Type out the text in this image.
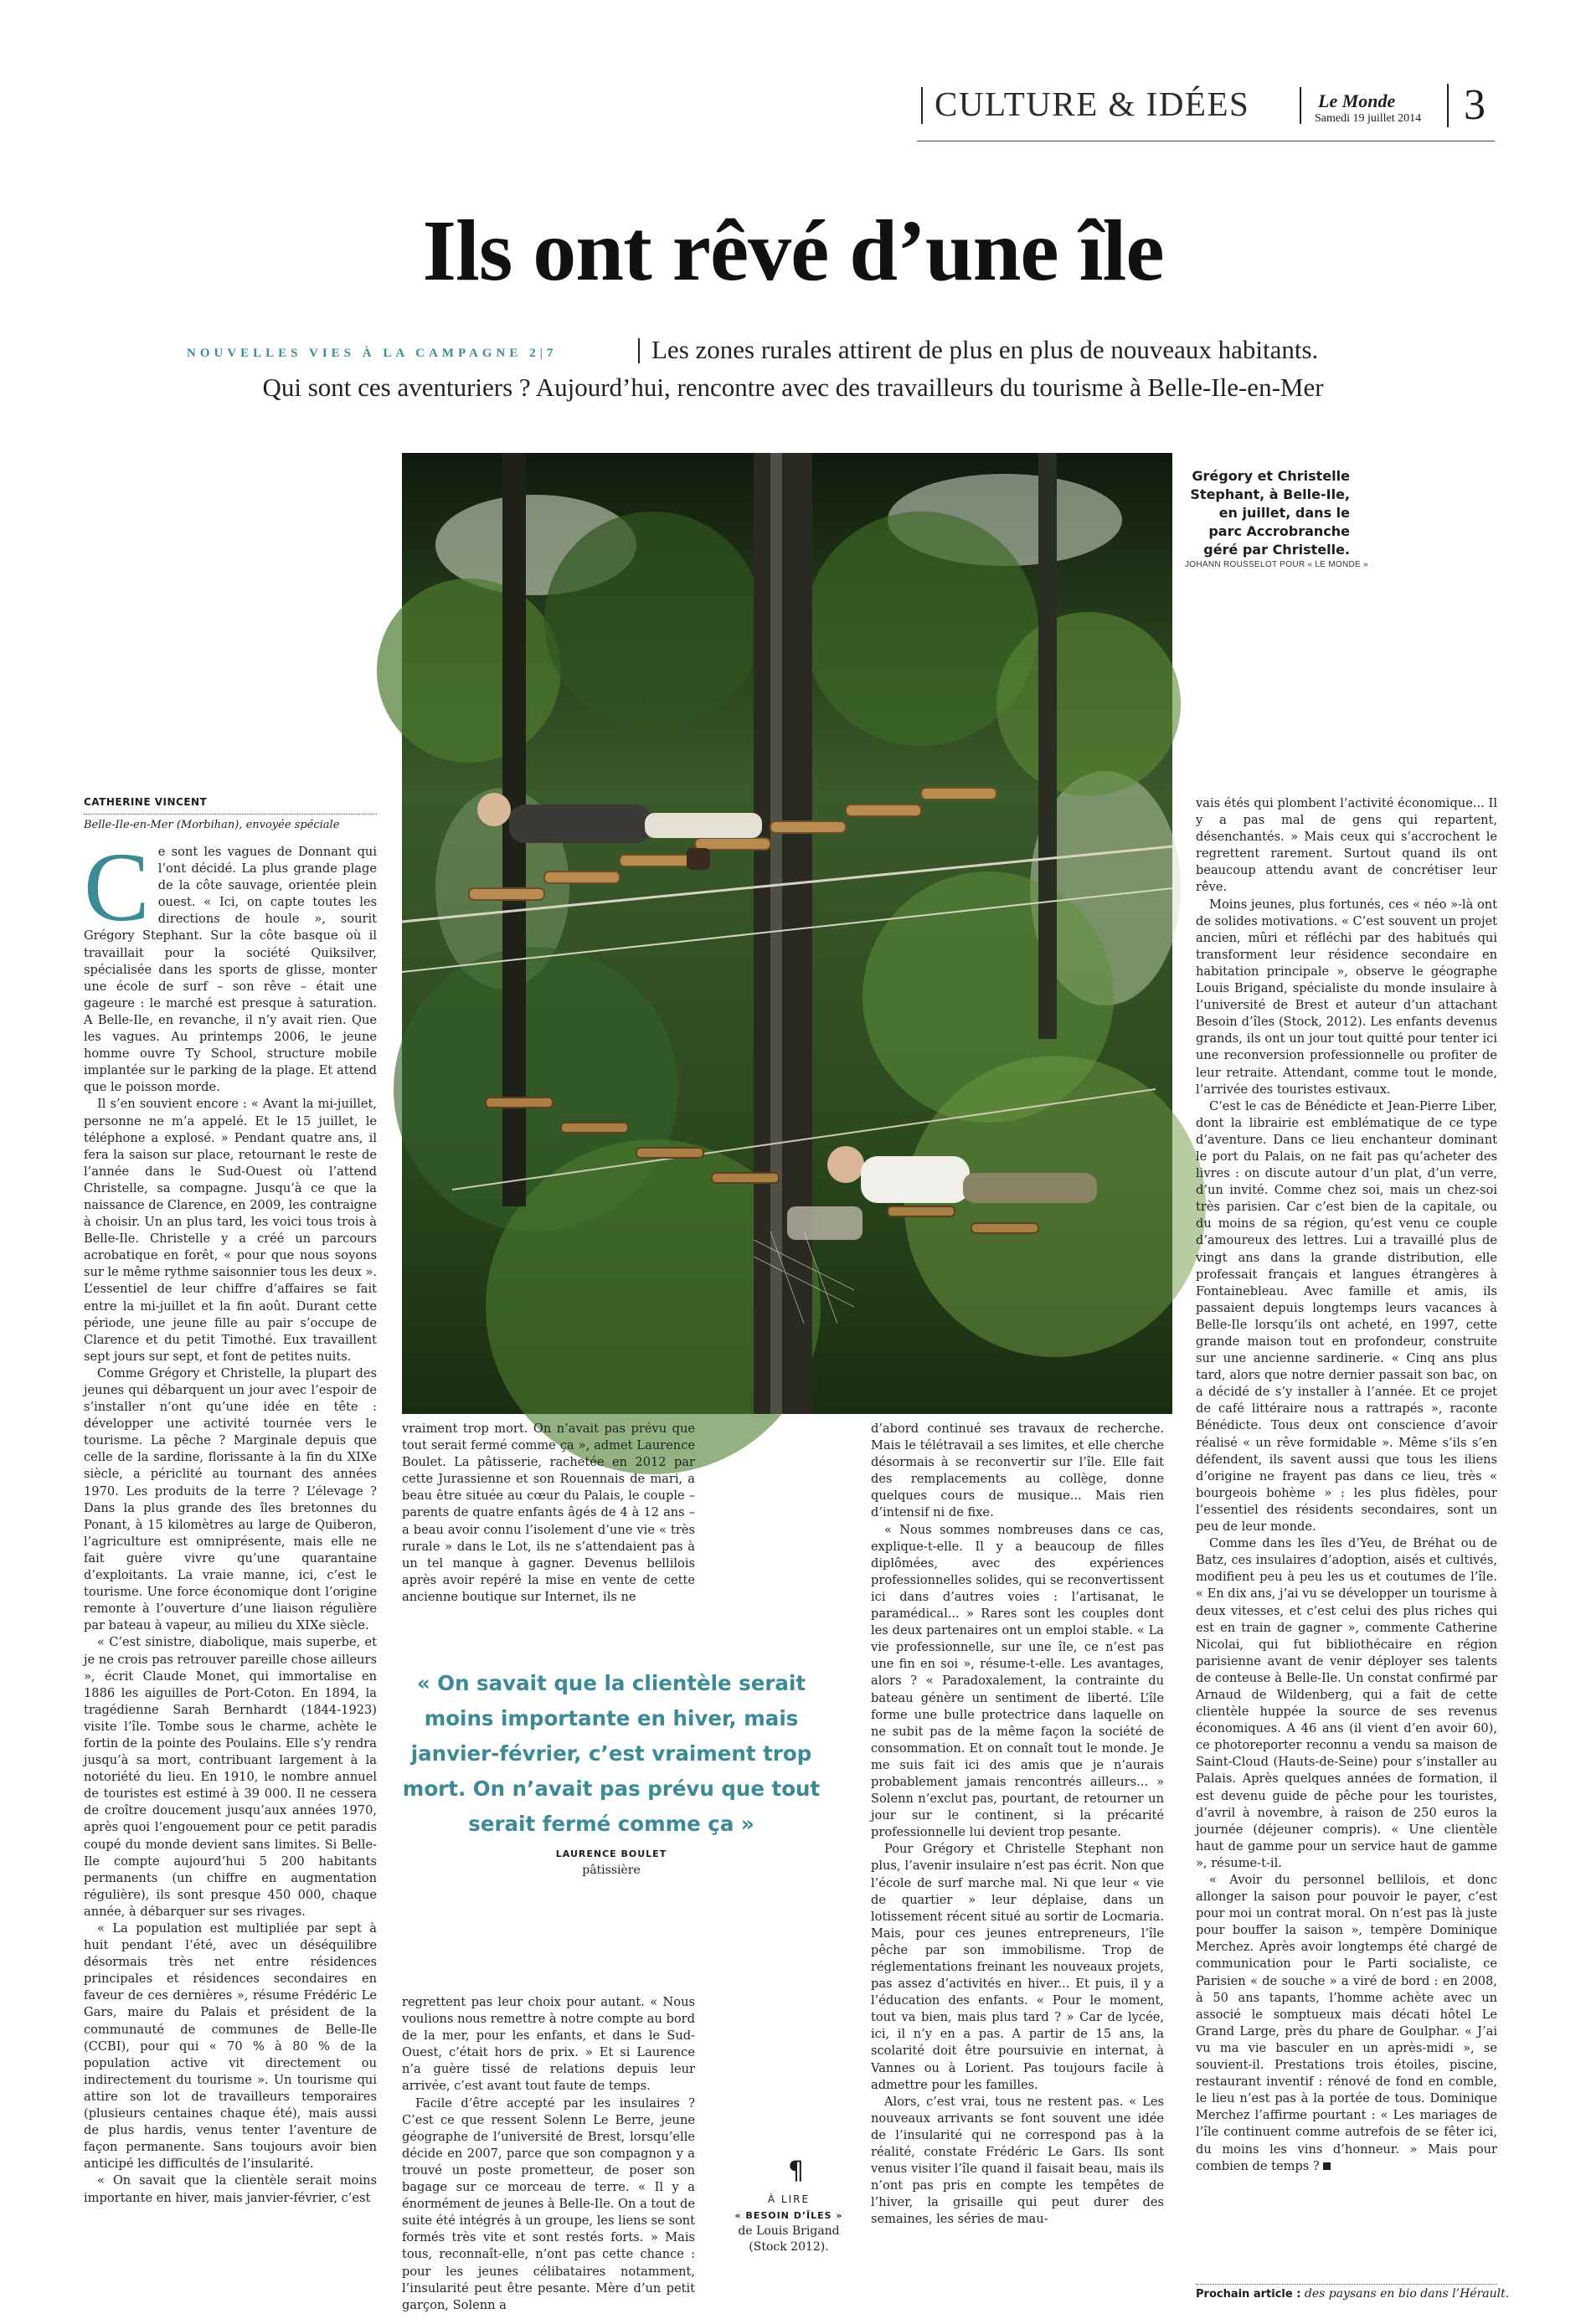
CULTURE & IDÉES	Le Monde
Samedi 19 juillet 2014 3
Ils ont rêvé d’une île
NOUVELLES VIES À LA CAMPAGNE 2|7	Les zones rurales attirent de plus en plus de nouveaux habitants.
Qui sont ces aventuriers ? Aujourd’hui, rencontre avec des travailleurs du tourisme à Belle-Ile-en-Mer
Grégory et Christelle Stephant, à Belle-Ile, en juillet, dans le parc Accrobranche géré par Christelle.
JOHANN ROUSSELOT POUR « LE MONDE »
CATHERINE VINCENT
Belle-Ile-en-Mer (Morbihan), envoyée spéciale

Ce sont les vagues de Donnant qui l’ont décidé. La plus grande plage de la côte sauvage, orientée plein ouest. « Ici, on capte toutes les directions de houle », sourit Grégory Stephant. Sur la côte basque où il travaillait pour la société Quiksilver, spécialisée dans les sports de glisse, monter une école de surf – son rêve – était une gageure : le marché est presque à saturation. A Belle-Ile, en revanche, il n’y avait rien. Que les vagues. Au printemps 2006, le jeune homme ouvre Ty School, structure mobile implantée sur le parking de la plage. Et attend que le poisson morde.

Il s’en souvient encore : « Avant la mi-juillet, personne ne m’a appelé. Et le 15 juillet, le téléphone a explosé. » Pendant quatre ans, il fera la saison sur place, retournant le reste de l’année dans le Sud-Ouest où l’attend Christelle, sa compagne. Jusqu’à ce que la naissance de Clarence, en 2009, les contraigne à choisir. Un an plus tard, les voici tous trois à Belle-Ile. Christelle y a créé un parcours acrobatique en forêt, « pour que nous soyons sur le même rythme saisonnier tous les deux ». L’essentiel de leur chiffre d’affaires se fait entre la mi-juillet et la fin août. Durant cette période, une jeune fille au pair s’occupe de Clarence et du petit Timothé. Eux travaillent sept jours sur sept, et font de petites nuits.

Comme Grégory et Christelle, la plupart des jeunes qui débarquent un jour avec l’espoir de s’installer n’ont qu’une idée en tête : développer une activité tournée vers le tourisme. La pêche ? Marginale depuis que celle de la sardine, florissante à la fin du XIXe siècle, a périclité au tournant des années 1970. Les produits de la terre ? L’élevage ? Dans la plus grande des îles bretonnes du Ponant, à 15 kilomètres au large de Quiberon, l’agriculture est omniprésente, mais elle ne fait guère vivre qu’une quarantaine d’exploitants. La vraie manne, ici, c’est le tourisme. Une force économique dont l’origine remonte à l’ouverture d’une liaison régulière par bateau à vapeur, au milieu du XIXe siècle.

« C’est sinistre, diabolique, mais superbe, et je ne crois pas retrouver pareille chose ailleurs », écrit Claude Monet, qui immortalise en 1886 les aiguilles de Port-Coton. En 1894, la tragédienne Sarah Bernhardt (1844-1923) visite l’île. Tombe sous le charme, achète le fortin de la pointe des Poulains. Elle s’y rendra jusqu’à sa mort, contribuant largement à la notoriété du lieu. En 1910, le nombre annuel de touristes est estimé à 39 000. Il ne cessera de croître doucement jusqu’aux années 1970, après quoi l’engouement pour ce petit paradis coupé du monde devient sans limites. Si Belle-Ile compte aujourd’hui 5 200 habitants permanents (un chiffre en augmentation régulière), ils sont presque 450 000, chaque année, à débarquer sur ses rivages.

« La population est multipliée par sept à huit pendant l’été, avec un déséquilibre désormais très net entre résidences principales et résidences secondaires en faveur de ces dernières », résume Frédéric Le Gars, maire du Palais et président de la communauté de communes de Belle-Ile (CCBI), pour qui « 70 % à 80 % de la population active vit directement ou indirectement du tourisme ». Un tourisme qui attire son lot de travailleurs temporaires (plusieurs centaines chaque été), mais aussi de plus hardis, venus tenter l’aventure de façon permanente. Sans toujours avoir bien anticipé les difficultés de l’insularité.

« On savait que la clientèle serait moins importante en hiver, mais janvier-février, c’est

vraiment trop mort. On n’avait pas prévu que tout serait fermé comme ça », admet Laurence Boulet. La pâtisserie, rachetée en 2012 par cette Jurassienne et son Rouennais de mari, a beau être située au cœur du Palais, le couple – parents de quatre enfants âgés de 4 à 12 ans – a beau avoir connu l’isolement d’une vie « très rurale » dans le Lot, ils ne s’attendaient pas à un tel manque à gagner. Devenus bellilois après avoir repéré la mise en vente de cette ancienne boutique sur Internet, ils ne

« On savait que la clientèle serait moins importante en hiver, mais janvier-février, c’est vraiment trop mort. On n’avait pas prévu que tout serait fermé comme ça »
LAURENCE BOULET
pâtissière

regrettent pas leur choix pour autant. « Nous voulions nous remettre à notre compte au bord de la mer, pour les enfants, et dans le Sud-Ouest, c’était hors de prix. » Et si Laurence n’a guère tissé de relations depuis leur arrivée, c’est avant tout faute de temps.

Facile d’être accepté par les insulaires ? C’est ce que ressent Solenn Le Berre, jeune géographe de l’université de Brest, lorsqu’elle décide en 2007, parce que son compagnon y a trouvé un poste prometteur, de poser son bagage sur ce morceau de terre. « Il y a énormément de jeunes à Belle-Ile. On a tout de suite été intégrés à un groupe, les liens se sont formés très vite et sont restés forts. » Mais tous, reconnaît-elle, n’ont pas cette chance : pour les jeunes célibataires notamment, l’insularité peut être pesante. Mère d’un petit garçon, Solenn a

¶
À LIRE
« BESOIN D’ÎLES »
de Louis Brigand
(Stock 2012).

d’abord continué ses travaux de recherche. Mais le télétravail a ses limites, et elle cherche désormais à se reconvertir sur l’île. Elle fait des remplacements au collège, donne quelques cours de musique... Mais rien d’intensif ni de fixe.

« Nous sommes nombreuses dans ce cas, explique-t-elle. Il y a beaucoup de filles diplômées, avec des expériences professionnelles solides, qui se reconvertissent ici dans d’autres voies : l’artisanat, le paramédical... » Rares sont les couples dont les deux partenaires ont un emploi stable. « La vie professionnelle, sur une île, ce n’est pas une fin en soi », résume-t-elle. Les avantages, alors ? « Paradoxalement, la contrainte du bateau génère un sentiment de liberté. L’île forme une bulle protectrice dans laquelle on ne subit pas de la même façon la société de consommation. Et on connaît tout le monde. Je me suis fait ici des amis que je n’aurais probablement jamais rencontrés ailleurs... » Solenn n’exclut pas, pourtant, de retourner un jour sur le continent, si la précarité professionnelle lui devient trop pesante.

Pour Grégory et Christelle Stephant non plus, l’avenir insulaire n’est pas écrit. Non que l’école de surf marche mal. Ni que leur « vie de quartier » leur déplaise, dans un lotissement récent situé au sortir de Locmaria. Mais, pour ces jeunes entrepreneurs, l’île pêche par son immobilisme. Trop de réglementations freinant les nouveaux projets, pas assez d’activités en hiver... Et puis, il y a l’éducation des enfants. « Pour le moment, tout va bien, mais plus tard ? » Car de lycée, ici, il n’y en a pas. A partir de 15 ans, la scolarité doit être poursuivie en internat, à Vannes ou à Lorient. Pas toujours facile à admettre pour les familles.

Alors, c’est vrai, tous ne restent pas. « Les nouveaux arrivants se font souvent une idée de l’insularité qui ne correspond pas à la réalité, constate Frédéric Le Gars. Ils sont venus visiter l’île quand il faisait beau, mais ils n’ont pas pris en compte les tempêtes de l’hiver, la grisaille qui peut durer des semaines, les séries de mau-

vais étés qui plombent l’activité économique... Il y a pas mal de gens qui repartent, désenchantés. » Mais ceux qui s’accrochent le regrettent rarement. Surtout quand ils ont beaucoup attendu avant de concrétiser leur rêve.

Moins jeunes, plus fortunés, ces « néo »-là ont de solides motivations. « C’est souvent un projet ancien, mûri et réfléchi par des habitués qui transforment leur résidence secondaire en habitation principale », observe le géographe Louis Brigand, spécialiste du monde insulaire à l’université de Brest et auteur d’un attachant Besoin d’îles (Stock, 2012). Les enfants devenus grands, ils ont un jour tout quitté pour tenter ici une reconversion professionnelle ou profiter de leur retraite. Attendant, comme tout le monde, l’arrivée des touristes estivaux.

C’est le cas de Bénédicte et Jean-Pierre Liber, dont la librairie est emblématique de ce type d’aventure. Dans ce lieu enchanteur dominant le port du Palais, on ne fait pas qu’acheter des livres : on discute autour d’un plat, d’un verre, d’un invité. Comme chez soi, mais un chez-soi très parisien. Car c’est bien de la capitale, ou du moins de sa région, qu’est venu ce couple d’amoureux des lettres. Lui a travaillé plus de vingt ans dans la grande distribution, elle professait français et langues étrangères à Fontainebleau. Avec famille et amis, ils passaient depuis longtemps leurs vacances à Belle-Ile lorsqu’ils ont acheté, en 1997, cette grande maison tout en profondeur, construite sur une ancienne sardinerie. « Cinq ans plus tard, alors que notre dernier passait son bac, on a décidé de s’y installer à l’année. Et ce projet de café littéraire nous a rattrapés », raconte Bénédicte. Tous deux ont conscience d’avoir réalisé « un rêve formidable ». Même s’ils s’en défendent, ils savent aussi que tous les iliens d’origine ne frayent pas dans ce lieu, très « bourgeois bohème » : les plus fidèles, pour l’essentiel des résidents secondaires, sont un peu de leur monde.

Comme dans les îles d’Yeu, de Bréhat ou de Batz, ces insulaires d’adoption, aisés et cultivés, modifient peu à peu les us et coutumes de l’île. « En dix ans, j’ai vu se développer un tourisme à deux vitesses, et c’est celui des plus riches qui est en train de gagner », commente Catherine Nicolai, qui fut bibliothécaire en région parisienne avant de venir déployer ses talents de conteuse à Belle-Ile. Un constat confirmé par Arnaud de Wildenberg, qui a fait de cette clientèle huppée la source de ses revenus économiques. A 46 ans (il vient d’en avoir 60), ce photoreporter reconnu a vendu sa maison de Saint-Cloud (Hauts-de-Seine) pour s’installer au Palais. Après quelques années de formation, il est devenu guide de pêche pour les touristes, d’avril à novembre, à raison de 250 euros la journée (déjeuner compris). « Une clientèle haut de gamme pour un service haut de gamme », résume-t-il.

« Avoir du personnel bellilois, et donc allonger la saison pour pouvoir le payer, c’est pour moi un contrat moral. On n’est pas là juste pour bouffer la saison », tempère Dominique Merchez. Après avoir longtemps été chargé de communication pour le Parti socialiste, ce Parisien « de souche » a viré de bord : en 2008, à 50 ans tapants, l’homme achète avec un associé le somptueux mais décati hôtel Le Grand Large, près du phare de Goulphar. « J’ai vu ma vie basculer en un après-midi », se souvient-il. Prestations trois étoiles, piscine, restaurant inventif : rénové de fond en comble, le lieu n’est pas à la portée de tous. Dominique Merchez l’affirme pourtant : « Les mariages de l’île continuent comme autrefois de se fêter ici, du moins les vins d’honneur. » Mais pour combien de temps ?

Prochain article : des paysans en bio dans l’Hérault.
